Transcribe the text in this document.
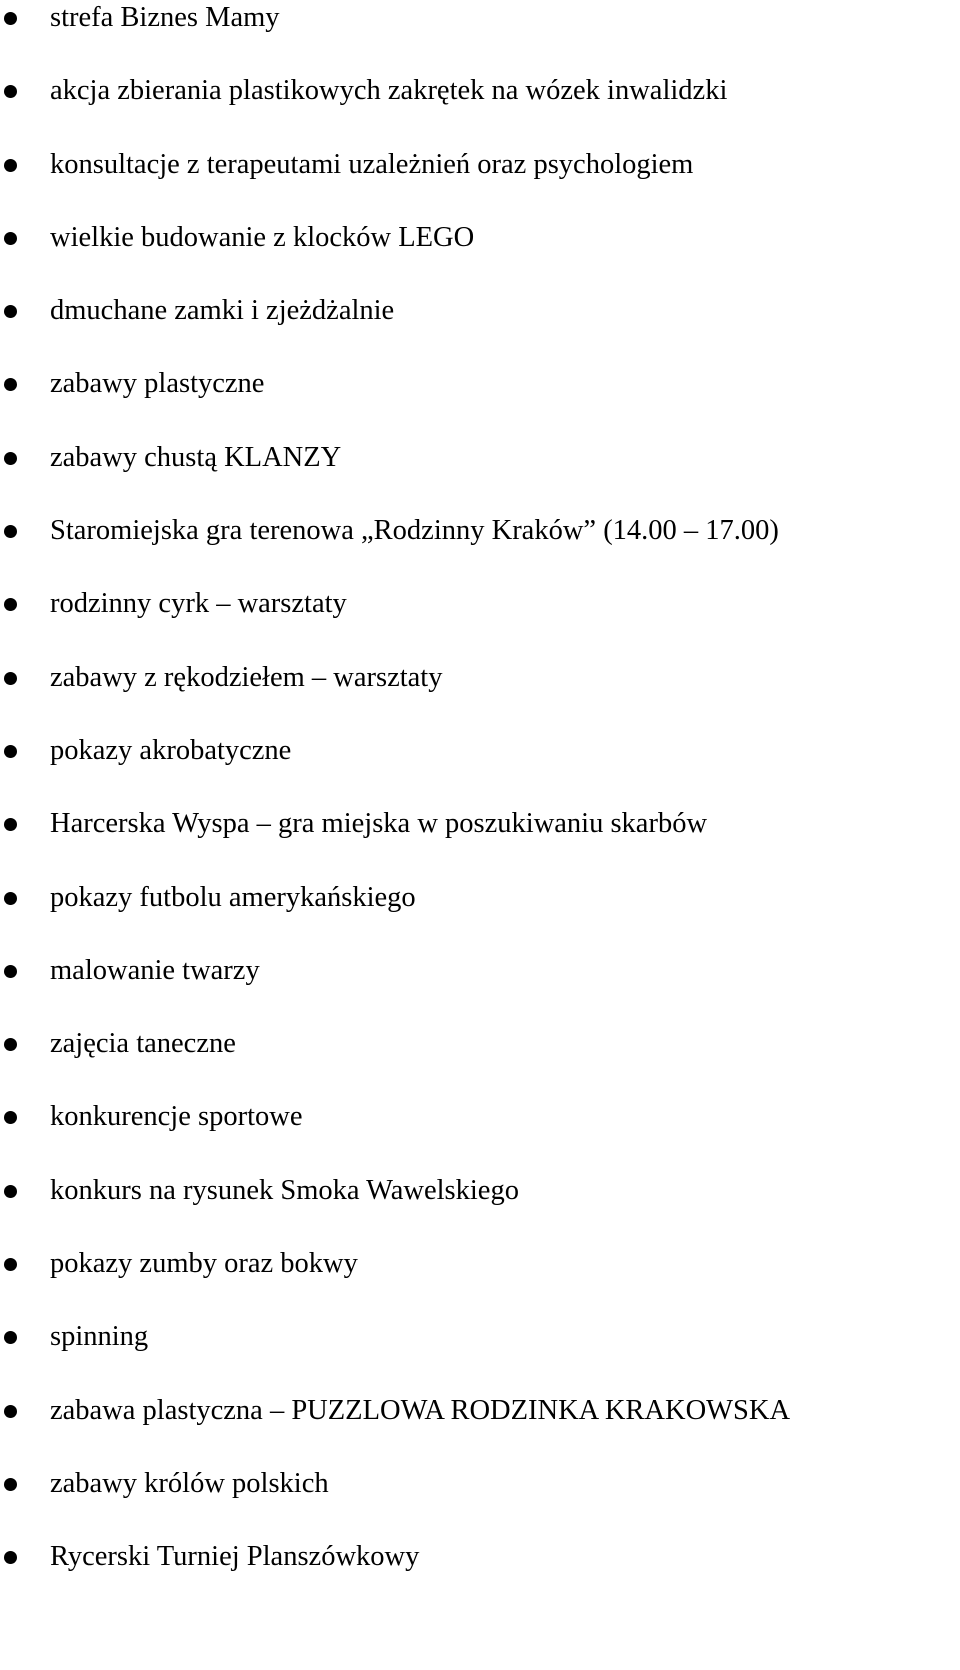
strefa Biznes Mamy
akcja zbierania plastikowych zakrętek na wózek inwalidzki
konsultacje z terapeutami uzależnień oraz psychologiem
wielkie budowanie z klocków LEGO
dmuchane zamki i zjeżdżalnie
zabawy plastyczne
zabawy chustą KLANZY
Staromiejska gra terenowa „Rodzinny Kraków” (14.00 – 17.00)
rodzinny cyrk – warsztaty
zabawy z rękodziełem – warsztaty
pokazy akrobatyczne
Harcerska Wyspa – gra miejska w poszukiwaniu skarbów
pokazy futbolu amerykańskiego
malowanie twarzy
zajęcia taneczne
konkurencje sportowe
konkurs na rysunek Smoka Wawelskiego
pokazy zumby oraz bokwy
spinning
zabawa plastyczna – PUZZLOWA RODZINKA KRAKOWSKA
zabawy królów polskich
Rycerski Turniej Planszówkowy
